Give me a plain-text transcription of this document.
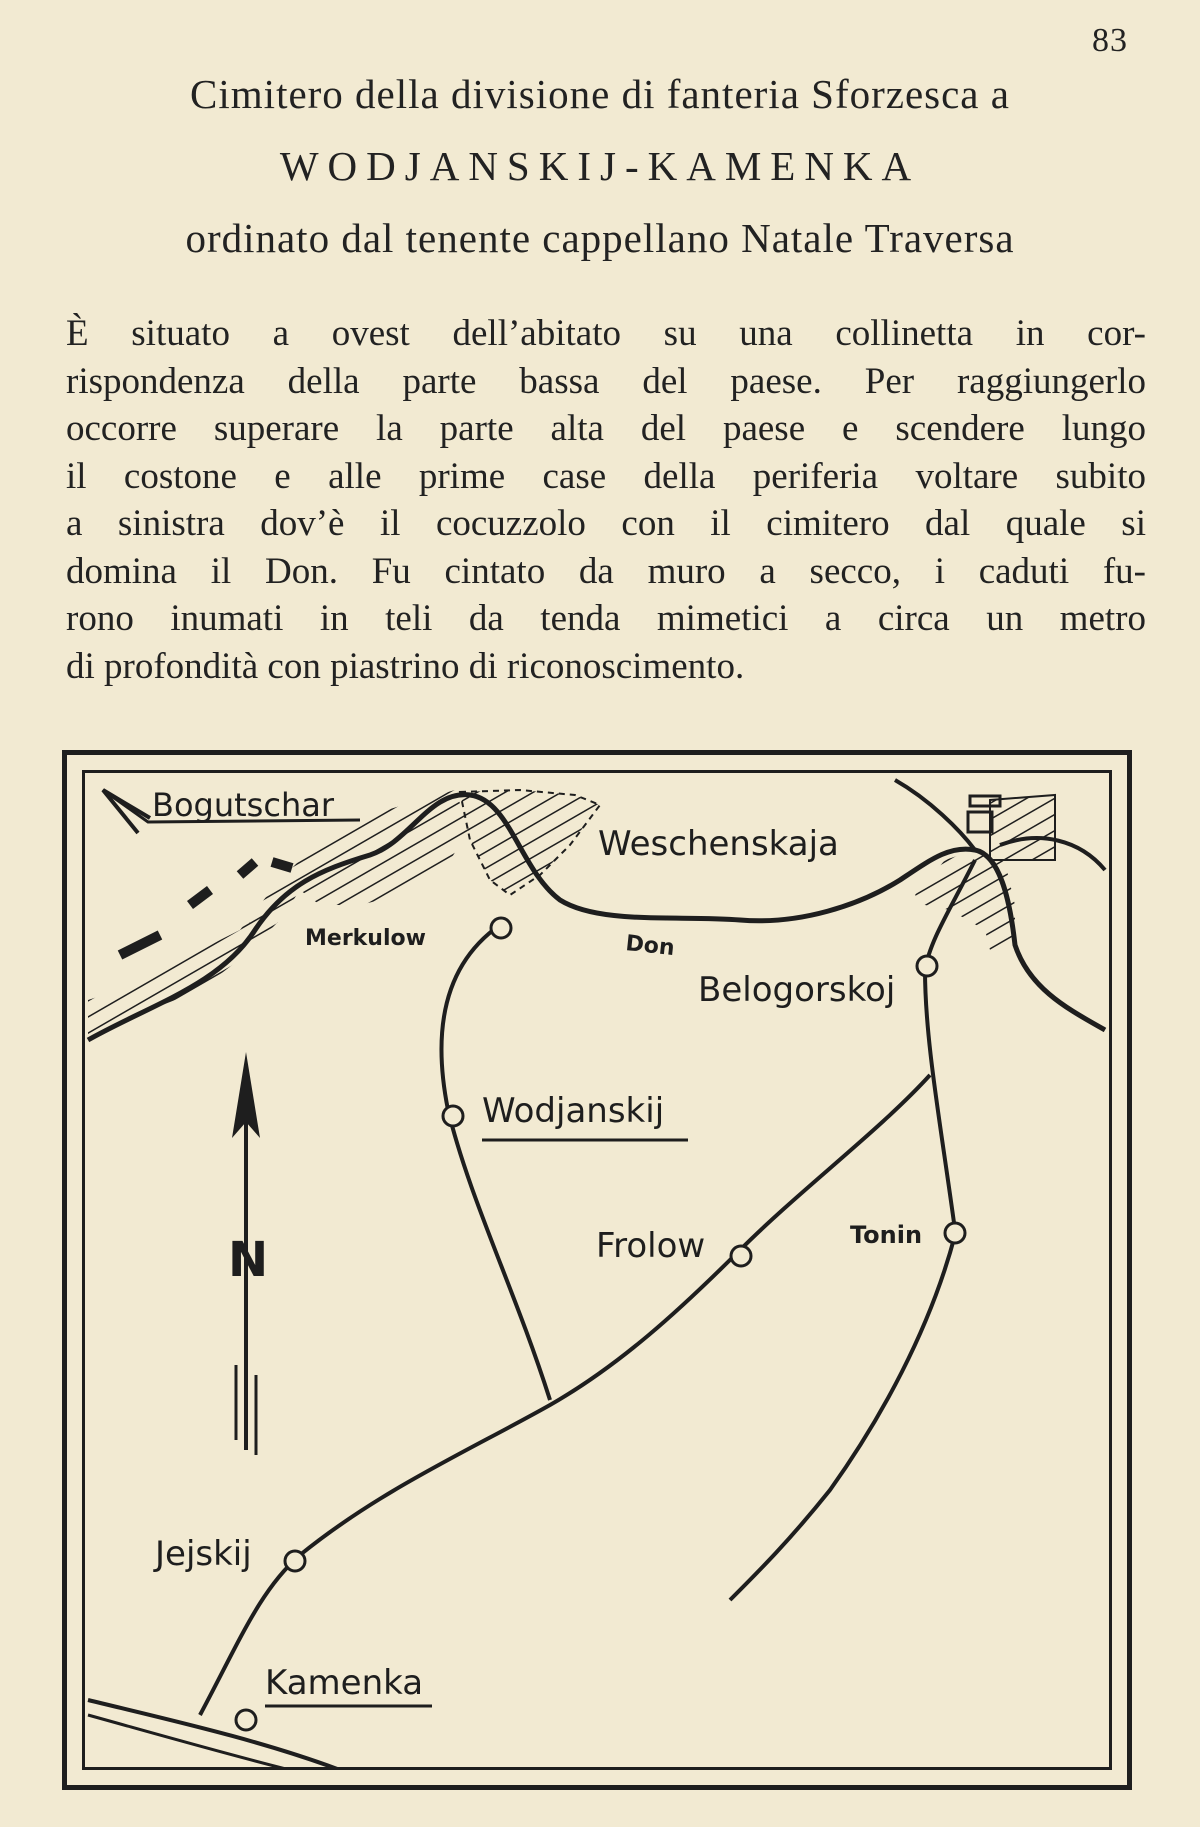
83
Cimitero della divisione di fanteria Sforzesca a
WODJANSKIJ-KAMENKA
ordinato dal tenente cappellano Natale Traversa
È situato a ovest dell’abitato su una collinetta in cor-
rispondenza della parte bassa del paese. Per raggiungerlo
occorre superare la parte alta del paese e scendere lungo
il costone e alle prime case della periferia voltare subito
a sinistra dov’è il cocuzzolo con il cimitero dal quale si
domina il Don. Fu cintato da muro a secco, i caduti fu-
rono inumati in teli da tenda mimetici a circa un metro
di profondità con piastrino di riconoscimento.
Bogutschar
Weschenskaja
Merkulow	Don
Belogorskoj
Wodjanskij
Frolow	Tonin
N
Jejskij
Kamenka
